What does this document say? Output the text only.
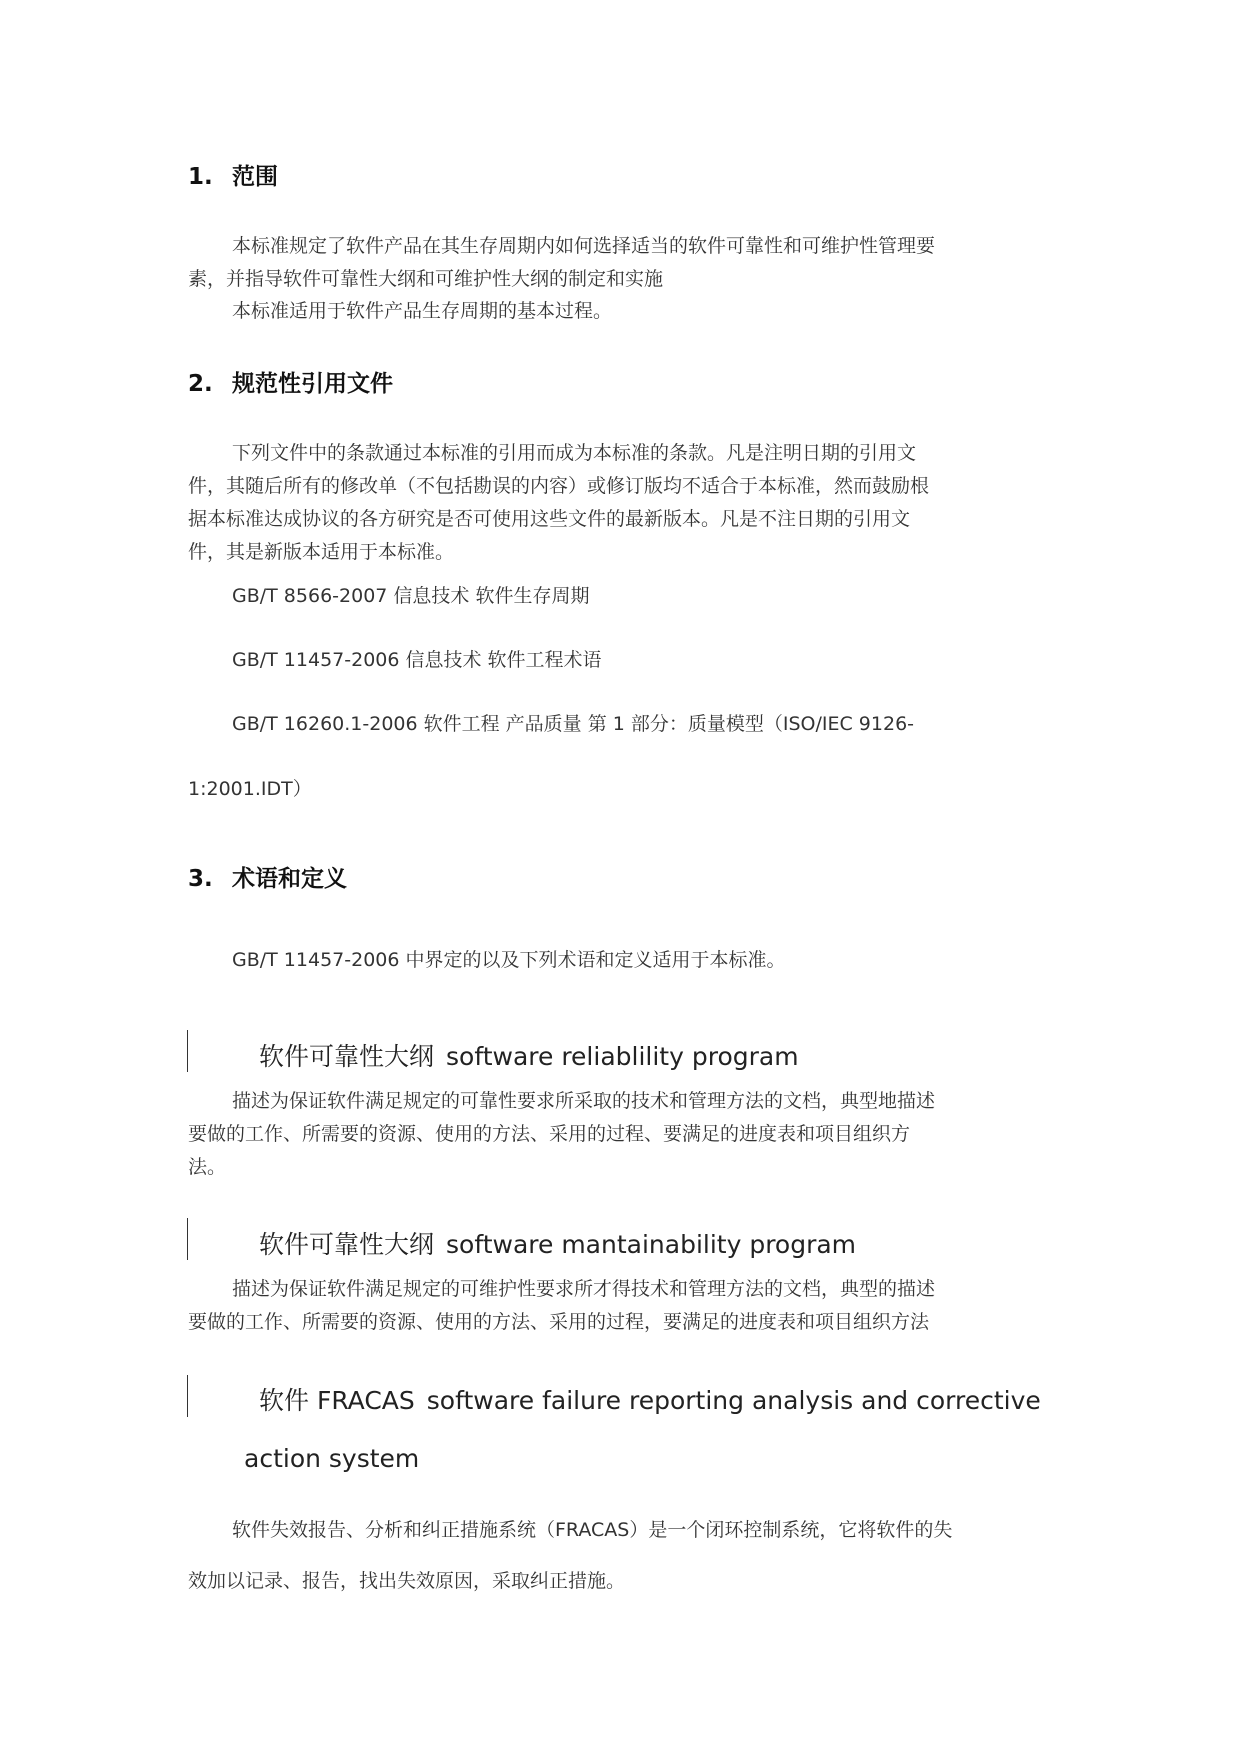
1. 范围
本标准规定了软件产品在其生存周期内如何选择适当的软件可靠性和可维护性管理要
素，并指导软件可靠性大纲和可维护性大纲的制定和实施
本标准适用于软件产品生存周期的基本过程。
2. 规范性引用文件
下列文件中的条款通过本标准的引用而成为本标准的条款。凡是注明日期的引用文
件，其随后所有的修改单（不包括勘误的内容）或修订版均不适合于本标准，然而鼓励根
据本标准达成协议的各方研究是否可使用这些文件的最新版本。凡是不注日期的引用文
件，其是新版本适用于本标准。
GB/T 8566-2007 信息技术 软件生存周期
GB/T 11457-2006 信息技术 软件工程术语
GB/T 16260.1-2006 软件工程 产品质量 第 1 部分：质量模型（ISO/IEC 9126-
1:2001.IDT）
3. 术语和定义
GB/T 11457-2006 中界定的以及下列术语和定义适用于本标准。
软件可靠性大纲 software reliablility program
描述为保证软件满足规定的可靠性要求所采取的技术和管理方法的文档，典型地描述
要做的工作、所需要的资源、使用的方法、采用的过程、要满足的进度表和项目组织方
法。
软件可靠性大纲 software mantainability program
描述为保证软件满足规定的可维护性要求所才得技术和管理方法的文档，典型的描述
要做的工作、所需要的资源、使用的方法、采用的过程，要满足的进度表和项目组织方法
软件 FRACAS software failure reporting analysis and corrective
action system
软件失效报告、分析和纠正措施系统（FRACAS）是一个闭环控制系统，它将软件的失
效加以记录、报告，找出失效原因，采取纠正措施。
